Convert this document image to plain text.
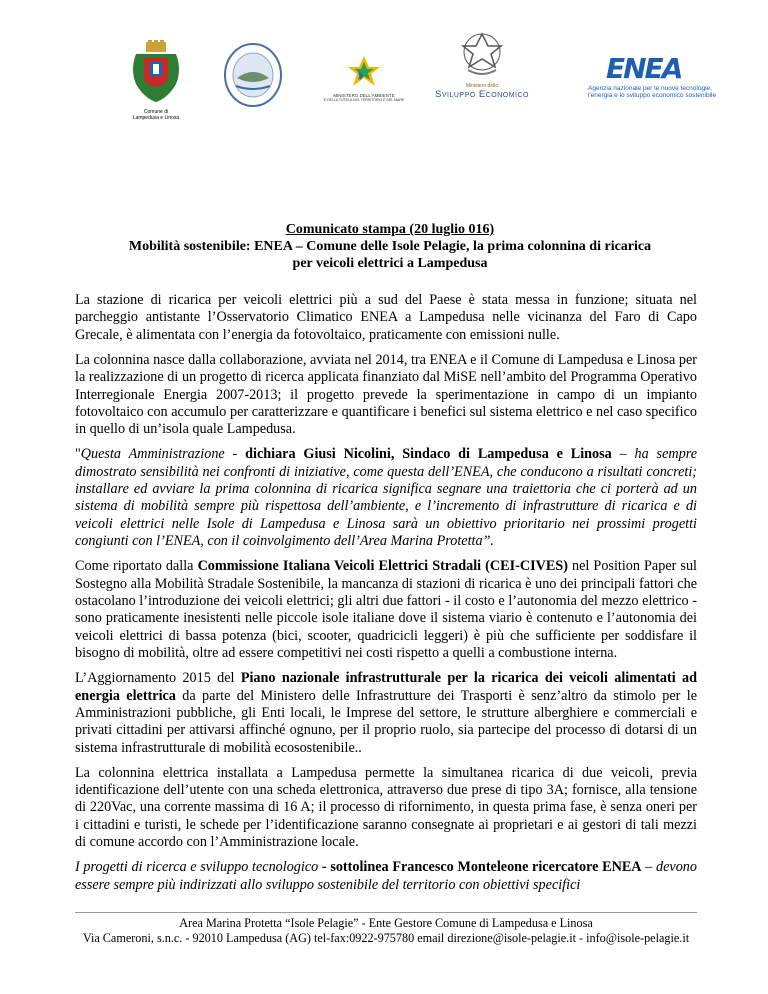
Comune di
Lampedusa e Linosa
MINISTERO DELL'AMBIENTE
E DELLA TUTELA DEL TERRITORIO E DEL MARE
Ministero dello
Sviluppo Economico
ENEA
Agenzia nazionale per le nuove tecnologie,
l'energia e lo sviluppo economico sostenibile
Comunicato stampa (20 luglio 016)
Mobilità sostenibile: ENEA – Comune delle Isole Pelagie, la prima colonnina di ricarica
per veicoli elettrici a Lampedusa

La stazione di ricarica per veicoli elettrici più a sud del Paese è stata messa in funzione; situata nel parcheggio antistante l’Osservatorio Climatico ENEA a Lampedusa nelle vicinanza del Faro di Capo Grecale, è alimentata con l’energia da fotovoltaico, praticamente con emissioni nulle.

La colonnina nasce dalla collaborazione, avviata nel 2014, tra ENEA e il Comune di Lampedusa e Linosa per la realizzazione di un progetto di ricerca applicata finanziato dal MiSE nell’ambito del Programma Operativo Interregionale Energia 2007-2013; il progetto prevede la sperimentazione in campo di un impianto fotovoltaico con accumulo per caratterizzare e quantificare i benefici sul sistema elettrico e nel caso specifico in quello di un’isola quale Lampedusa.

"Questa Amministrazione - dichiara Giusi Nicolini, Sindaco di Lampedusa e Linosa – ha sempre dimostrato sensibilità nei confronti di iniziative, come questa dell’ENEA, che conducono a risultati concreti; installare ed avviare la prima colonnina di ricarica significa segnare una traiettoria che ci porterà ad un sistema di mobilità sempre più rispettosa dell’ambiente, e l’incremento di infrastrutture di ricarica e di veicoli elettrici nelle Isole di Lampedusa e Linosa sarà un obiettivo prioritario nei prossimi progetti congiunti con l’ENEA, con il coinvolgimento dell’Area Marina Protetta”.

Come riportato dalla Commissione Italiana Veicoli Elettrici Stradali (CEI-CIVES) nel Position Paper sul Sostegno alla Mobilità Stradale Sostenibile, la mancanza di stazioni di ricarica è uno dei principali fattori che ostacolano l’introduzione dei veicoli elettrici; gli altri due fattori - il costo e l’autonomia del mezzo elettrico - sono praticamente inesistenti nelle piccole isole italiane dove il sistema viario è contenuto e l’autonomia dei veicoli elettrici di bassa potenza (bici, scooter, quadricicli leggeri) è più che sufficiente per soddisfare il bisogno di mobilità, oltre ad essere competitivi nei costi rispetto a quelli a combustione interna.

L’Aggiornamento 2015 del Piano nazionale infrastrutturale per la ricarica dei veicoli alimentati ad energia elettrica da parte del Ministero delle Infrastrutture dei Trasporti è senz’altro da stimolo per le Amministrazioni pubbliche, gli Enti locali, le Imprese del settore, le strutture alberghiere e commerciali e privati cittadini per attivarsi affinché ognuno, per il proprio ruolo, sia partecipe del processo di dotarsi di un sistema infrastrutturale di mobilità ecosostenibile..

La colonnina elettrica installata a Lampedusa permette la simultanea ricarica di due veicoli, previa identificazione dell’utente con una scheda elettronica, attraverso due prese di tipo 3A; fornisce, alla tensione di 220Vac, una corrente massima di 16 A; il processo di rifornimento, in questa prima fase, è senza oneri per i cittadini e turisti, le schede per l’identificazione saranno consegnate ai proprietari e ai gestori di tali mezzi di comune accordo con l’Amministrazione locale.

I progetti di ricerca e sviluppo tecnologico - sottolinea Francesco Monteleone ricercatore ENEA – devono essere sempre più indirizzati allo sviluppo sostenibile del territorio con obiettivi specifici

Area Marina Protetta “Isole Pelagie” - Ente Gestore Comune di Lampedusa e Linosa
Via Cameroni, s.n.c. - 92010 Lampedusa (AG) tel-fax:0922-975780 email direzione@isole-pelagie.it - info@isole-pelagie.it
